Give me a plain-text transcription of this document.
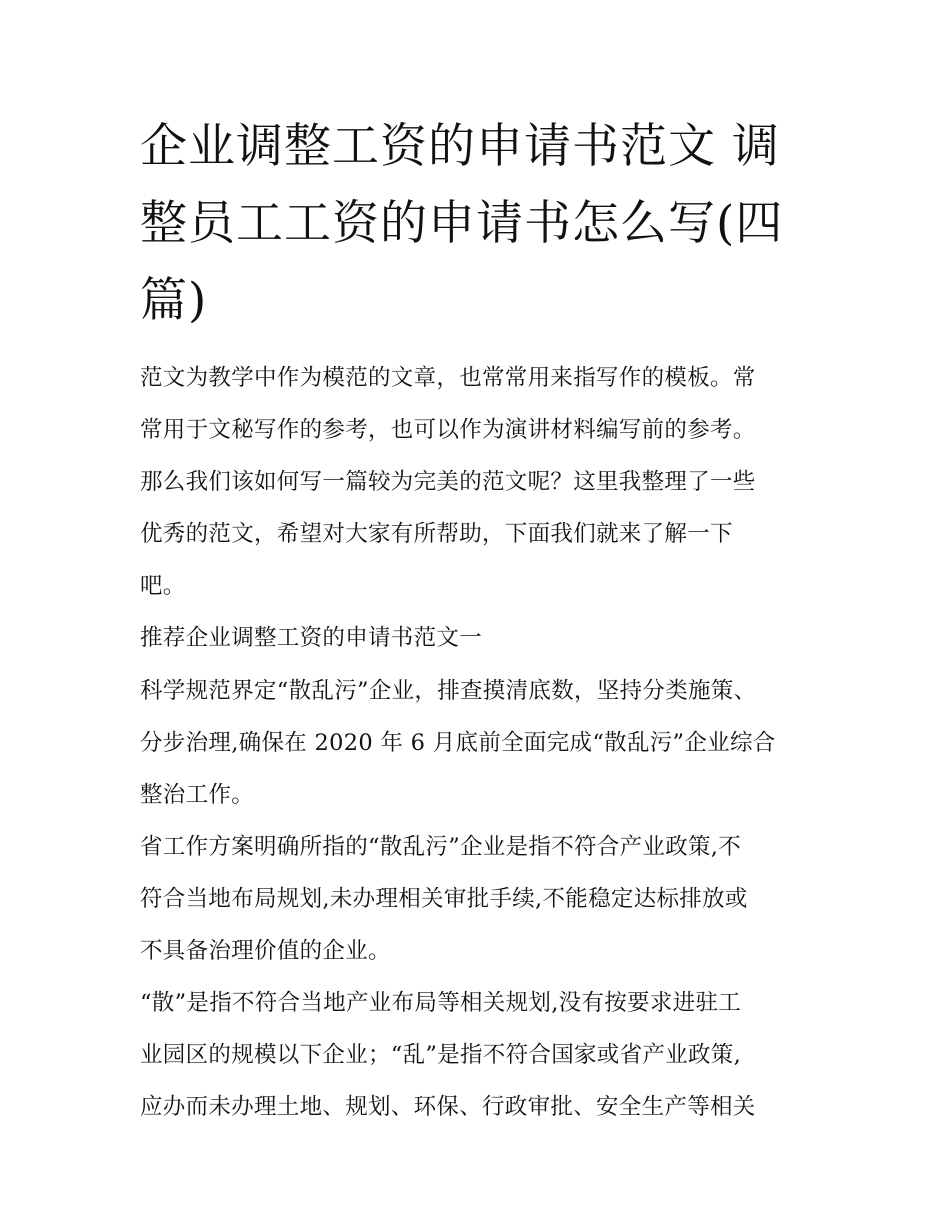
企业调整工资的申请书范文 调
整员工工资的申请书怎么写(四
篇)
范文为教学中作为模范的文章，也常常用来指写作的模板。常
常用于文秘写作的参考，也可以作为演讲材料编写前的参考。
那么我们该如何写一篇较为完美的范文呢？这里我整理了一些
优秀的范文，希望对大家有所帮助，下面我们就来了解一下
吧。
推荐企业调整工资的申请书范文一
科学规范界定“散乱污”企业，排查摸清底数，坚持分类施策、
分步治理,确保在 2020 年 6 月底前全面完成“散乱污”企业综合
整治工作。
省工作方案明确所指的“散乱污”企业是指不符合产业政策,不
符合当地布局规划,未办理相关审批手续,不能稳定达标排放或
不具备治理价值的企业。
“散”是指不符合当地产业布局等相关规划,没有按要求进驻工
业园区的规模以下企业；“乱”是指不符合国家或省产业政策,
应办而未办理土地、规划、环保、行政审批、安全生产等相关
